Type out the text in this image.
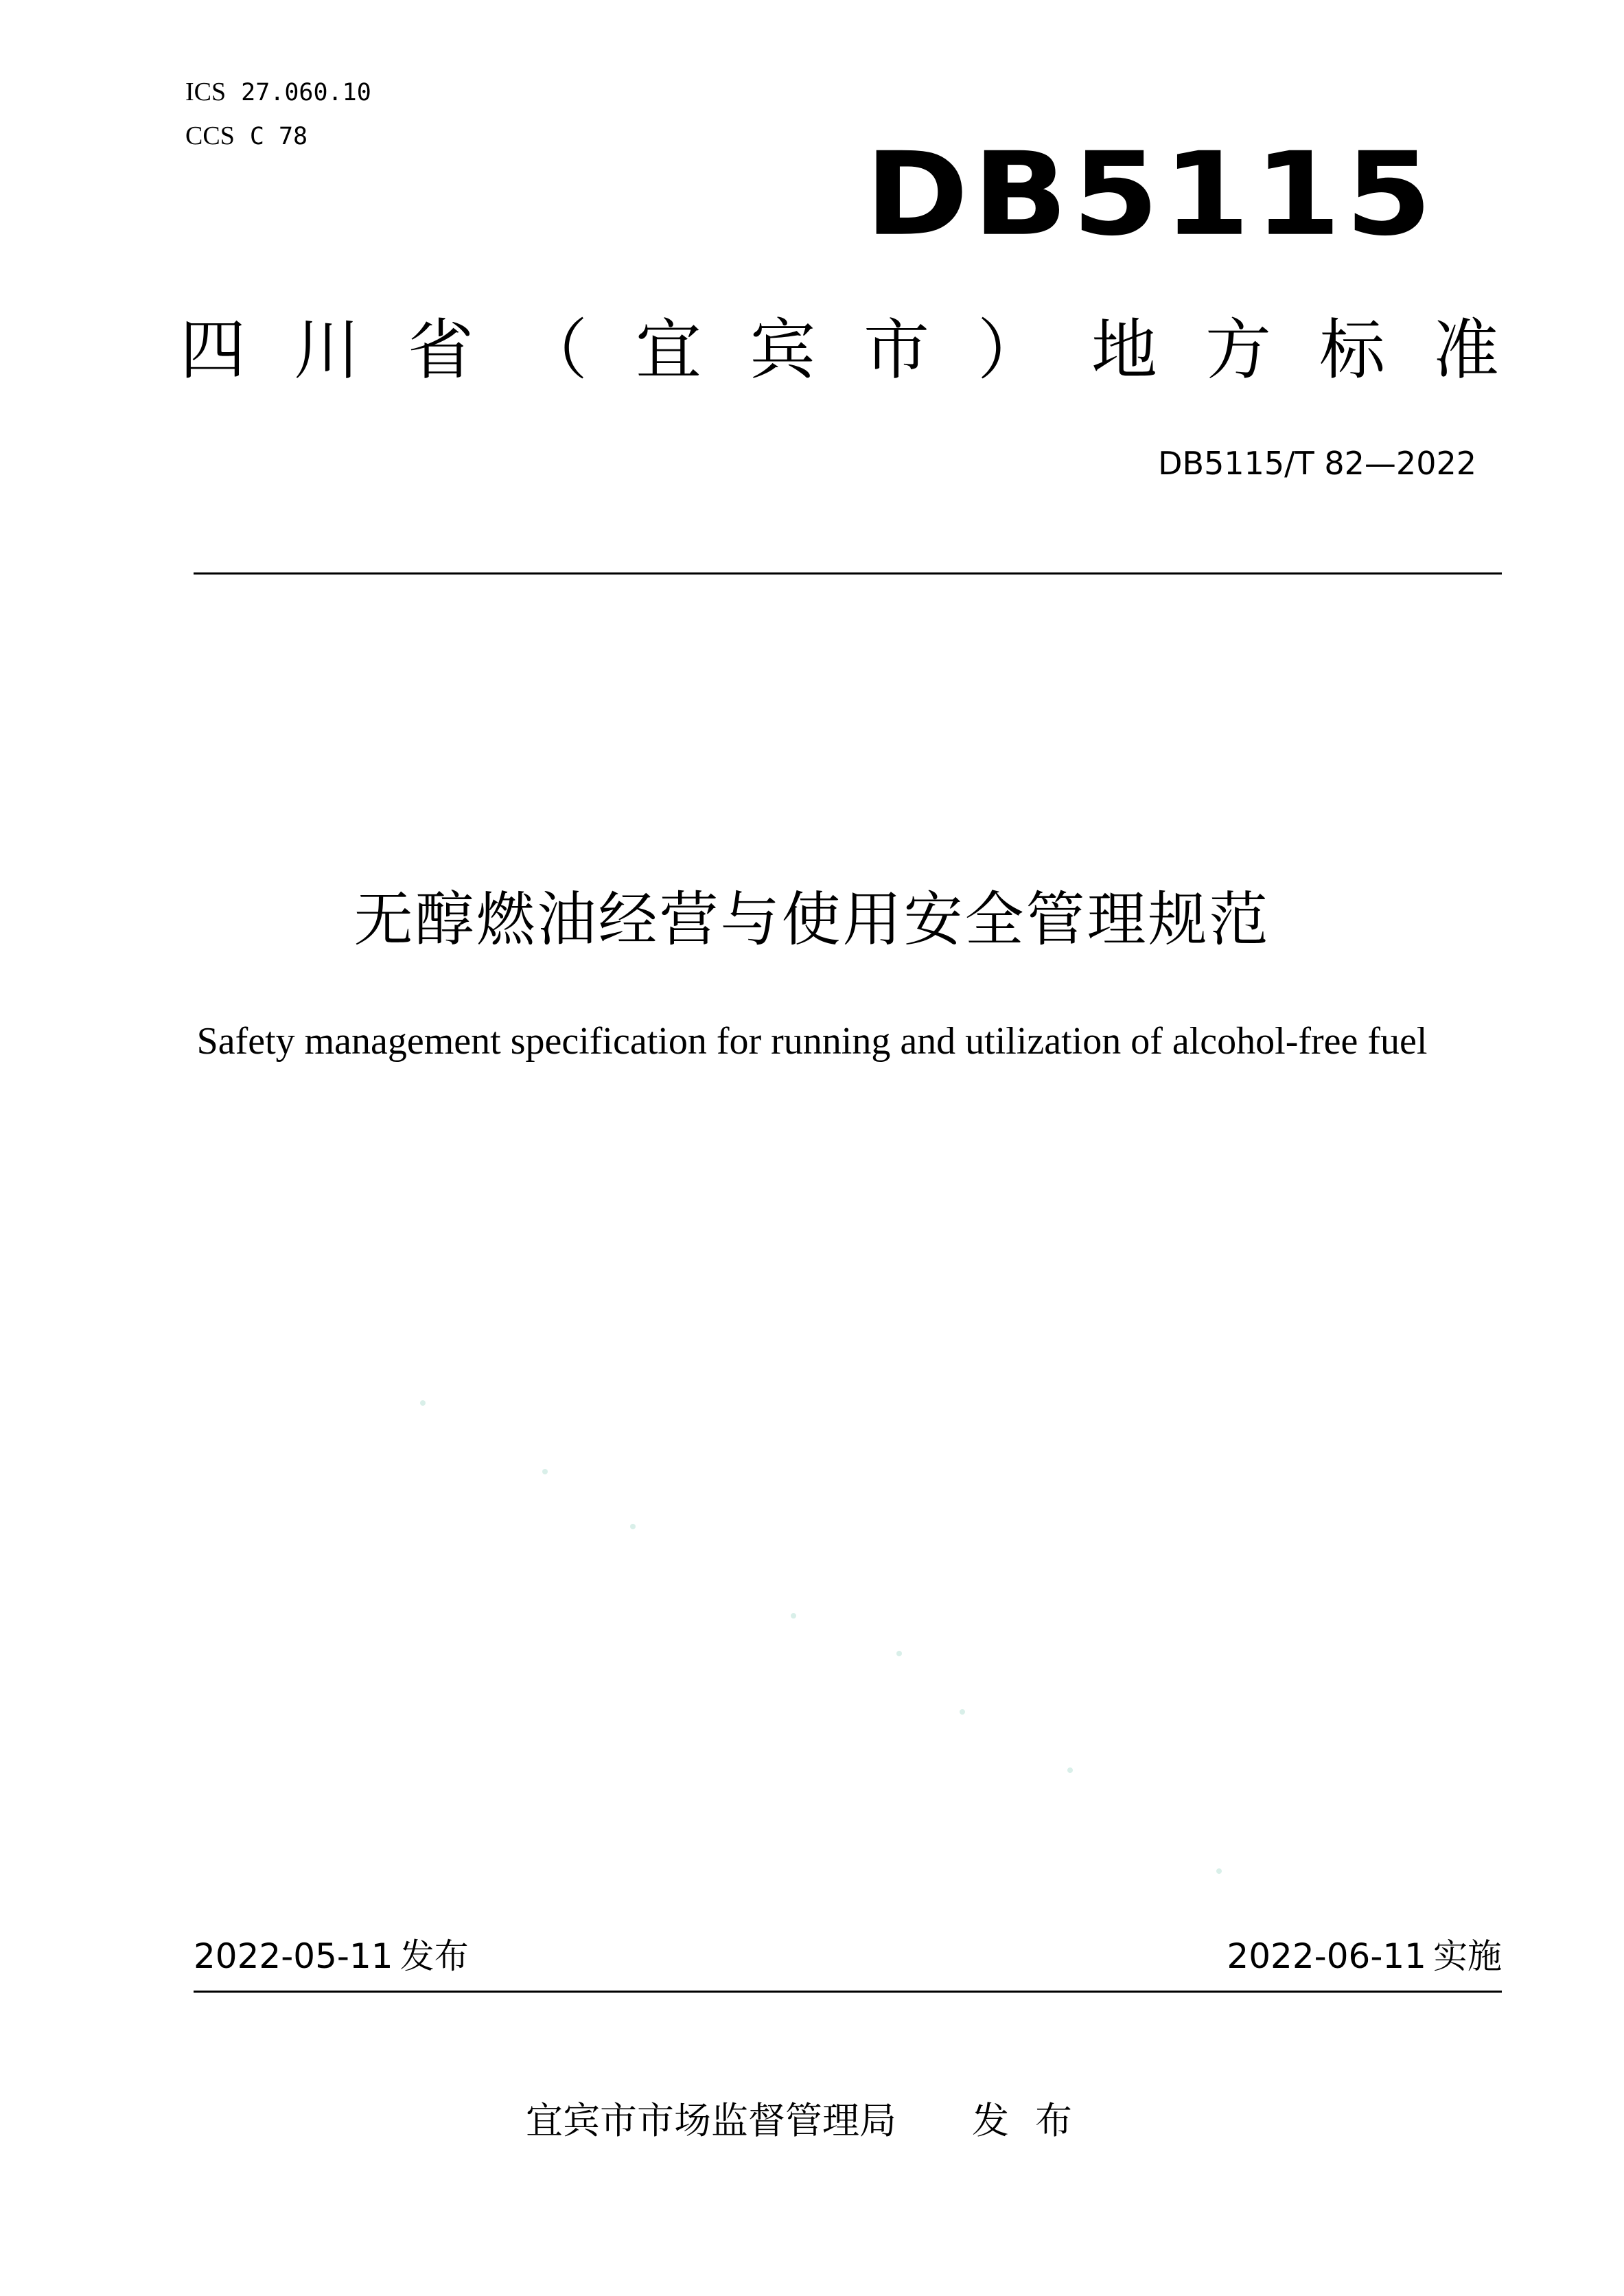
ICS 27.060.10
CCS C 78	DB5115
四 川 省 （ 宜 宾 市 ） 地 方 标 准
DB5115/T 82—2022
无醇燃油经营与使用安全管理规范
Safety management specification for running and utilization of alcohol-free fuel
2022-05-11 发布	2022-06-11 实施
宜宾市市场监督管理局 发布
